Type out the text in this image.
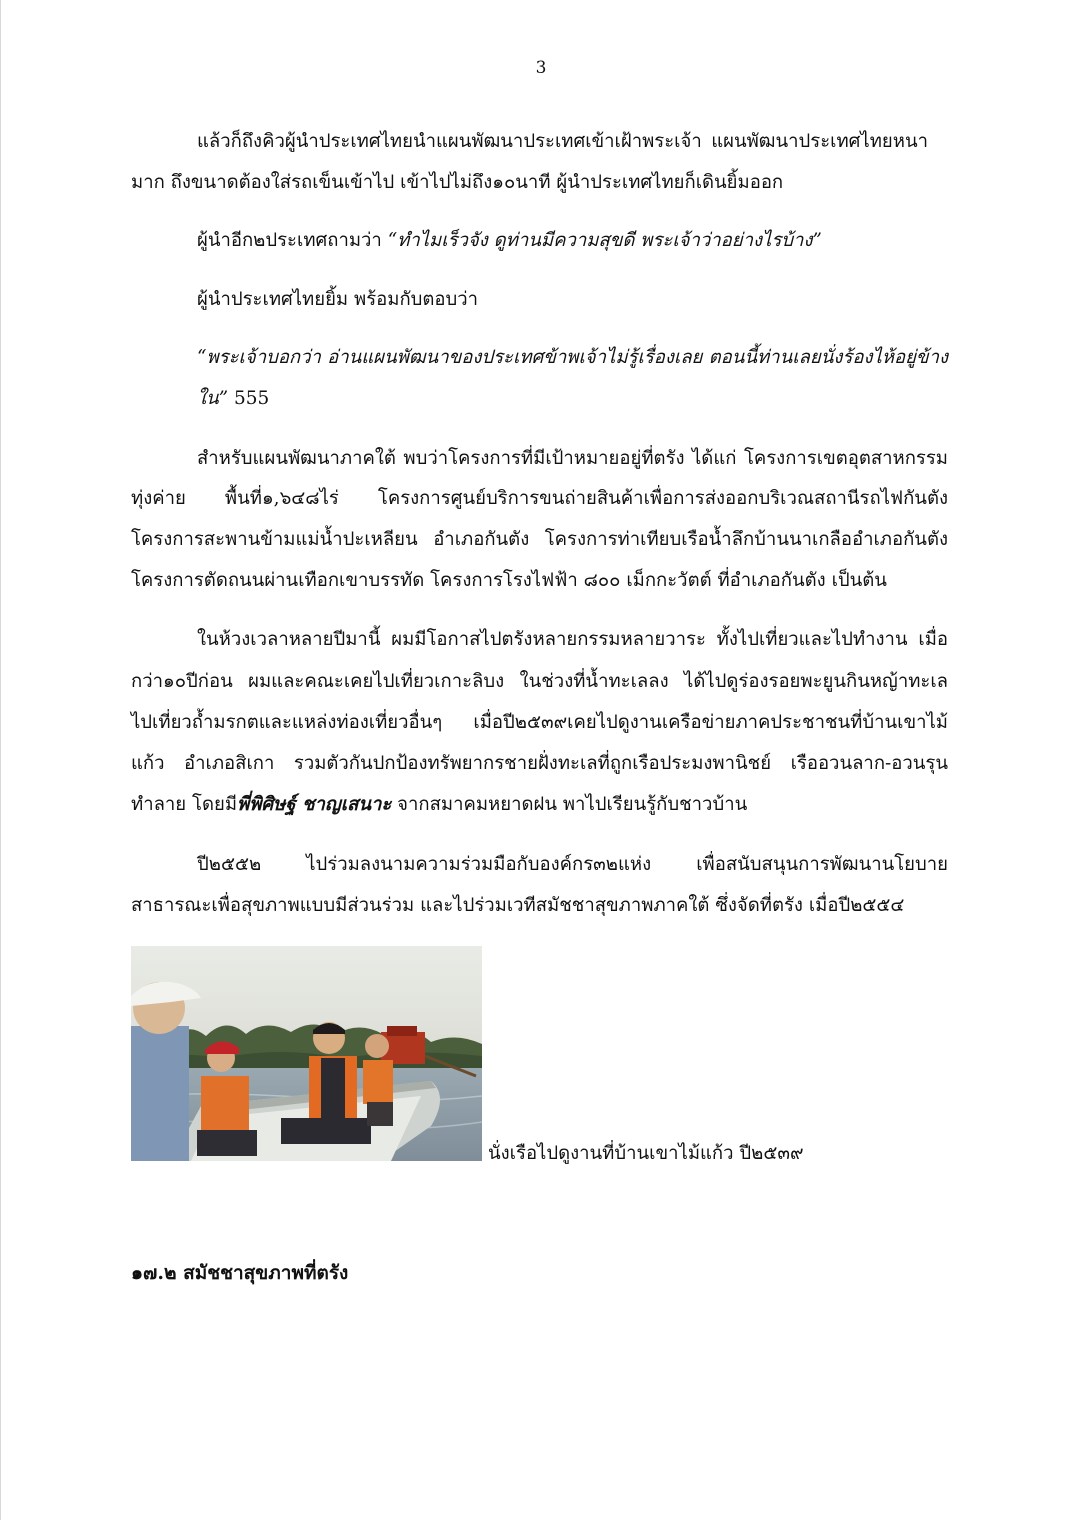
3
แล้วก็ถึงคิวผู้นำประเทศไทยนำแผนพัฒนาประเทศเข้าเฝ้าพระเจ้า แผนพัฒนาประเทศไทยหนา
มาก ถึงขนาดต้องใส่รถเข็นเข้าไป เข้าไปไม่ถึง๑๐นาที ผู้นำประเทศไทยก็เดินยิ้มออก
ผู้นำอีก๒ประเทศถามว่า “ทำไมเร็วจัง ดูท่านมีความสุขดี พระเจ้าว่าอย่างไรบ้าง”
ผู้นำประเทศไทยยิ้ม พร้อมกับตอบว่า
“พระเจ้าบอกว่า อ่านแผนพัฒนาของประเทศข้าพเจ้าไม่รู้เรื่องเลย ตอนนี้ท่านเลยนั่งร้องไห้อยู่ข้าง
ใน” 555
สำหรับแผนพัฒนาภาคใต้ พบว่าโครงการที่มีเป้าหมายอยู่ที่ตรัง ได้แก่ โครงการเขตอุตสาหกรรม
ทุ่งค่าย พื้นที่๑,๖๔๘ไร่ โครงการศูนย์บริการขนถ่ายสินค้าเพื่อการส่งออกบริเวณสถานีรถไฟกันตัง
โครงการสะพานข้ามแม่น้ำปะเหลียน อำเภอกันตัง โครงการท่าเทียบเรือน้ำลึกบ้านนาเกลืออำเภอกันตัง
โครงการตัดถนนผ่านเทือกเขาบรรทัด โครงการโรงไฟฟ้า ๘๐๐ เม็กกะวัตต์ ที่อำเภอกันตัง เป็นต้น
ในห้วงเวลาหลายปีมานี้ ผมมีโอกาสไปตรังหลายกรรมหลายวาระ ทั้งไปเที่ยวและไปทำงาน เมื่อ
กว่า๑๐ปีก่อน ผมและคณะเคยไปเที่ยวเกาะลิบง ในช่วงที่น้ำทะเลลง ได้ไปดูร่องรอยพะยูนกินหญ้าทะเล
ไปเที่ยวถ้ำมรกตและแหล่งท่องเที่ยวอื่นๆ เมื่อปี๒๕๓๙เคยไปดูงานเครือข่ายภาคประชาชนที่บ้านเขาไม้
แก้ว อำเภอสิเกา รวมตัวกันปกป้องทรัพยากรชายฝั่งทะเลที่ถูกเรือประมงพานิชย์ เรืออวนลาก-อวนรุน
ทำลาย โดยมีพี่พิศิษฐ์ ชาญเสนาะ จากสมาคมหยาดฝน พาไปเรียนรู้กับชาวบ้าน
ปี๒๕๕๒ ไปร่วมลงนามความร่วมมือกับองค์กร๓๒แห่ง เพื่อสนับสนุนการพัฒนานโยบาย
สาธารณะเพื่อสุขภาพแบบมีส่วนร่วม และไปร่วมเวทีสมัชชาสุขภาพภาคใต้ ซึ่งจัดที่ตรัง เมื่อปี๒๕๕๔
นั่งเรือไปดูงานที่บ้านเขาไม้แก้ว ปี๒๕๓๙
๑๗.๒ สมัชชาสุขภาพที่ตรัง
